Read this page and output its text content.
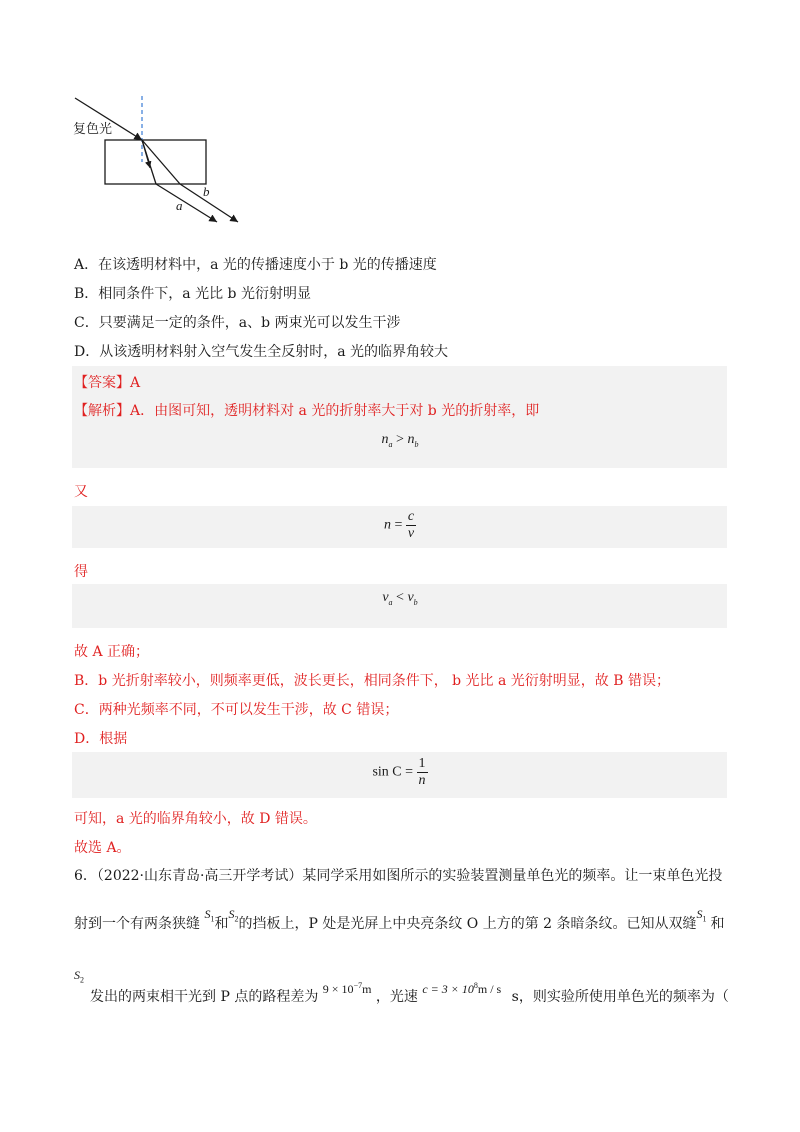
复色光
b
a
A．在该透明材料中，a 光的传播速度小于 b 光的传播速度
B．相同条件下，a 光比 b 光衍射明显
C．只要满足一定的条件，a、b 两束光可以发生干涉
D．从该透明材料射入空气发生全反射时，a 光的临界角较大
【答案】A
【解析】A．由图可知，透明材料对 a 光的折射率大于对 b 光的折射率，即
$n_a > n_b$
又
$n = \frac{c}{v}$
得
$v_a < v_b$
故 A 正确；
B．b 光折射率较小，则频率更低，波长更长，相同条件下， b 光比 a 光衍射明显，故 B 错误；
C．两种光频率不同，不可以发生干涉，故 C 错误；
D．根据
$\sin C = \frac{1}{n}$
可知，a 光的临界角较小，故 D 错误。
故选 A。
6．（2022·山东青岛·高三开学考试）某同学采用如图所示的实验装置测量单色光的频率。让一束单色光投
射到一个有两条狭缝 $S_1$和$S_2$的挡板上，P 处是光屏上中央亮条纹 O 上方的第 2 条暗条纹。已知从双缝$S_1$ 和
$S_2$
发出的两束相干光到 P 点的路程差为 $9 \times 10^{-7}m$ ，光速 $c = 3 \times 10^8m / s$ s，则实验所使用单色光的频率为（
